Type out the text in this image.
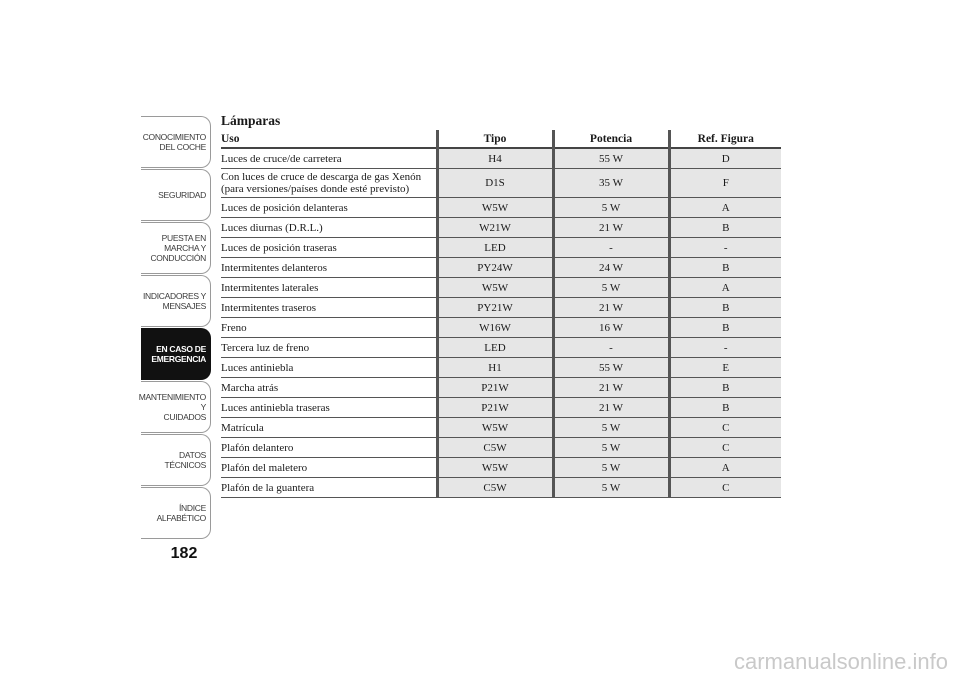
CONOCIMIENTO
DEL COCHE
SEGURIDAD
PUESTA EN
MARCHA Y
CONDUCCIÓN
INDICADORES Y
MENSAJES
EN CASO DE
EMERGENCIA
MANTENIMIENTO Y
CUIDADOS
DATOS TÉCNICOS
ÍNDICE
ALFABÉTICO
182
Lámparas
Uso	Tipo	Potencia	Ref. Figura
Luces de cruce/de carretera	H4	55 W	D
Con luces de cruce de descarga de gas Xenón (para versiones/países donde esté previsto)	D1S	35 W	F
Luces de posición delanteras	W5W	5 W	A
Luces diurnas (D.R.L.)	W21W	21 W	B
Luces de posición traseras	LED	-	-
Intermitentes delanteros	PY24W	24 W	B
Intermitentes laterales	W5W	5 W	A
Intermitentes traseros	PY21W	21 W	B
Freno	W16W	16 W	B
Tercera luz de freno	LED	-	-
Luces antiniebla	H1	55 W	E
Marcha atrás	P21W	21 W	B
Luces antiniebla traseras	P21W	21 W	B
Matrícula	W5W	5 W	C
Plafón delantero	C5W	5 W	C
Plafón del maletero	W5W	5 W	A
Plafón de la guantera	C5W	5 W	C
carmanualsonline.info
